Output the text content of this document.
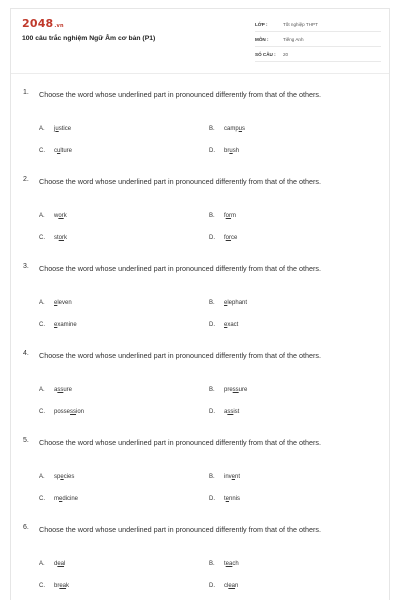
2048.vn
100 câu trắc nghiệm Ngữ Âm cơ bản (P1)
LỚP :	Tốt nghiệp THPT
MÔN :	Tiếng Anh
SỐ CÂU :	20
1. Choose the word whose underlined part in pronounced differently from that of the others.
A. justice	B. campus
C. culture	D. brush
2. Choose the word whose underlined part in pronounced differently from that of the others.
A. work	B. form
C. stork	D. force
3. Choose the word whose underlined part in pronounced differently from that of the others.
A. eleven	B. elephant
C. examine	D. exact
4. Choose the word whose underlined part in pronounced differently from that of the others.
A. assure	B. pressure
C. possession	D. assist
5. Choose the word whose underlined part in pronounced differently from that of the others.
A. species	B. invent
C. medicine	D. tennis
6. Choose the word whose underlined part in pronounced differently from that of the others.
A. deal	B. teach
C. break	D. clean
